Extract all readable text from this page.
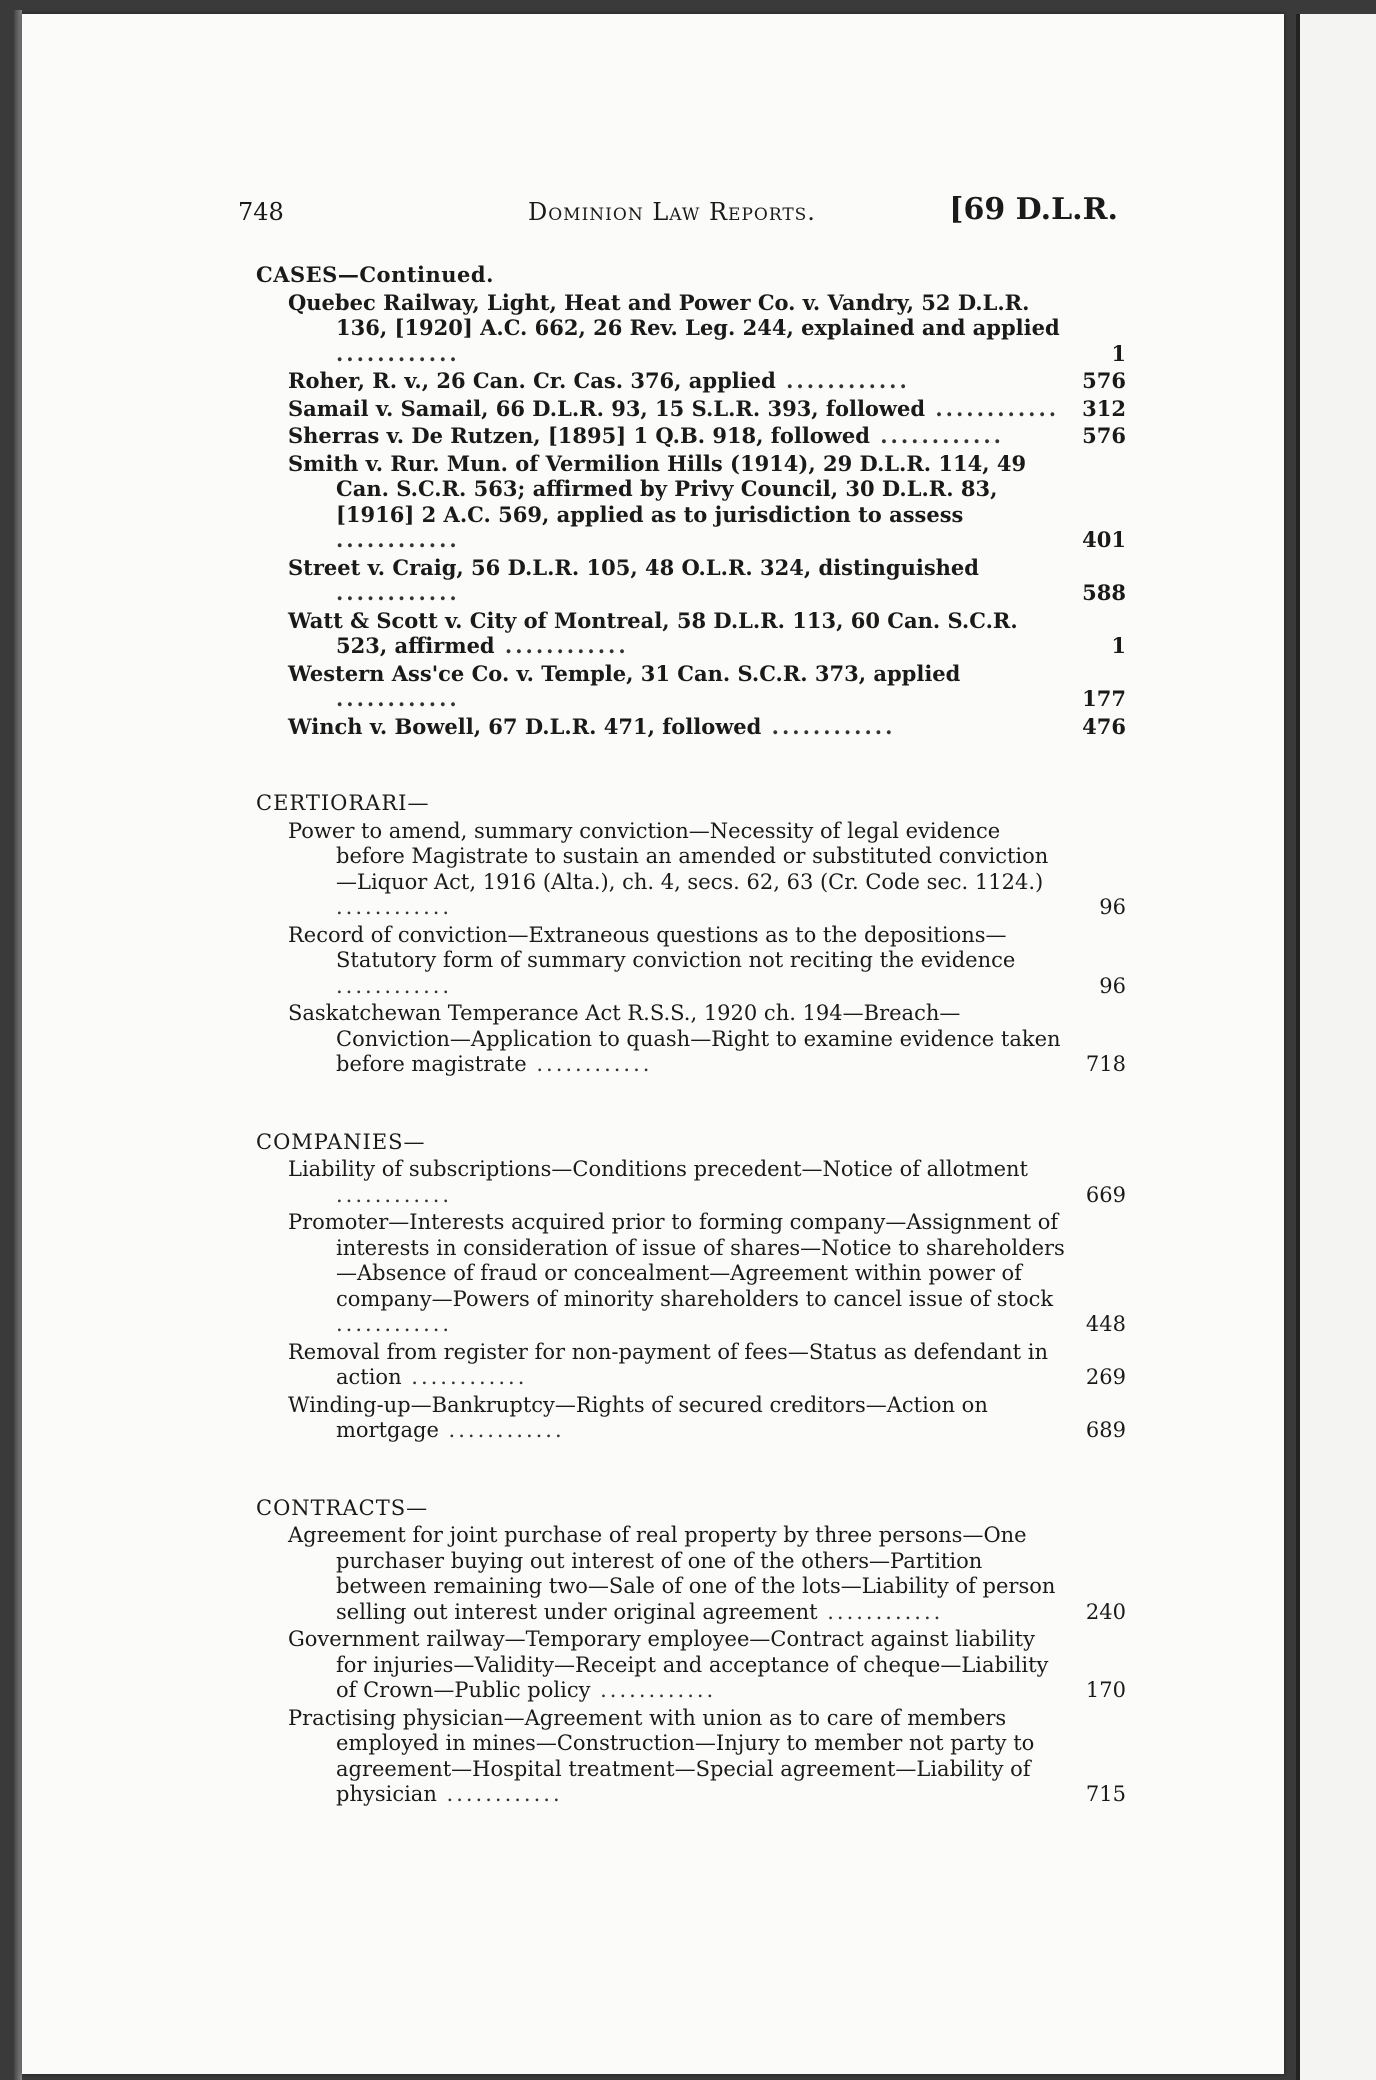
748	Dominion Law Reports.	[69 D.L.R.
CASES—Continued.
Quebec Railway, Light, Heat and Power Co. v. Vandry, 52 D.L.R. 136, [1920] A.C. 662, 26 Rev. Leg. 244, explained and applied ............	1
Roher, R. v., 26 Can. Cr. Cas. 376, applied ............	576
Samail v. Samail, 66 D.L.R. 93, 15 S.L.R. 393, followed ............ 312
Sherras v. De Rutzen, [1895] 1 Q.B. 918, followed ............	576
Smith v. Rur. Mun. of Vermilion Hills (1914), 29 D.L.R. 114, 49 Can. S.C.R. 563; affirmed by Privy Council, 30 D.L.R. 83, [1916] 2 A.C. 569, applied as to jurisdiction to assess ............	401
Street v. Craig, 56 D.L.R. 105, 48 O.L.R. 324, distinguished ............	588
Watt & Scott v. City of Montreal, 58 D.L.R. 113, 60 Can. S.C.R. 523, affirmed ............	1
Western Ass'ce Co. v. Temple, 31 Can. S.C.R. 373, applied ............	177
Winch v. Bowell, 67 D.L.R. 471, followed ............	476
CERTIORARI—
Power to amend, summary conviction—Necessity of legal evidence before Magistrate to sustain an amended or substituted conviction—Liquor Act, 1916 (Alta.), ch. 4, secs. 62, 63 (Cr. Code sec. 1124.) ............	96
Record of conviction—Extraneous questions as to the depositions—Statutory form of summary conviction not reciting the evidence ............	96
Saskatchewan Temperance Act R.S.S., 1920 ch. 194—Breach—Conviction—Application to quash—Right to examine evidence taken before magistrate ............	718
COMPANIES—
Liability of subscriptions—Conditions precedent—Notice of allotment ............	669
Promoter—Interests acquired prior to forming company—Assignment of interests in consideration of issue of shares—Notice to shareholders—Absence of fraud or concealment—Agreement within power of company—Powers of minority shareholders to cancel issue of stock ............	448
Removal from register for non-payment of fees—Status as defendant in action ............	269
Winding-up—Bankruptcy—Rights of secured creditors—Action on mortgage ............	689
CONTRACTS—
Agreement for joint purchase of real property by three persons—One purchaser buying out interest of one of the others—Partition between remaining two—Sale of one of the lots—Liability of person selling out interest under original agreement ............	240
Government railway—Temporary employee—Contract against liability for injuries—Validity—Receipt and acceptance of cheque—Liability of Crown—Public policy ............	170
Practising physician—Agreement with union as to care of members employed in mines—Construction—Injury to member not party to agreement—Hospital treatment—Special agreement—Liability of physician ............	715
